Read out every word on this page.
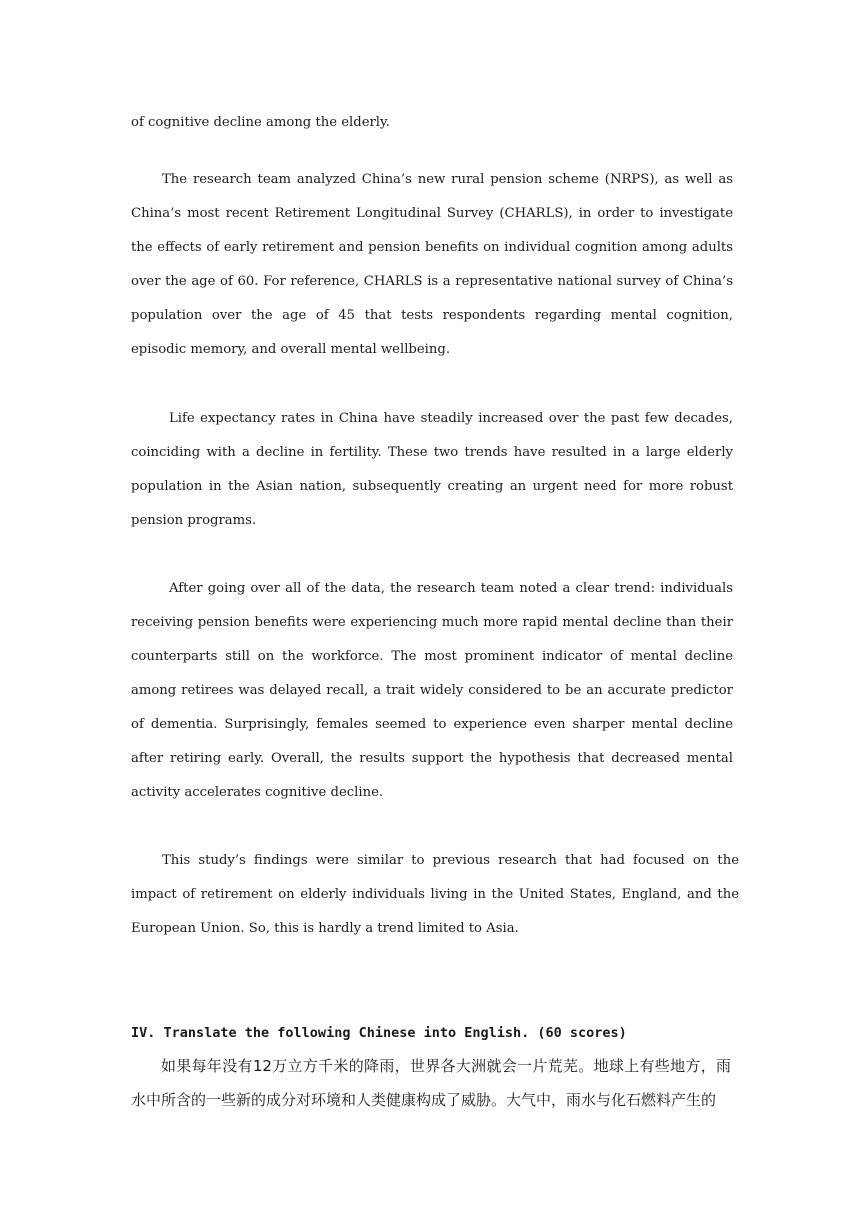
of cognitive decline among the elderly.
The research team analyzed China’s new rural pension scheme (NRPS), as well as China’s most recent Retirement Longitudinal Survey (CHARLS), in order to investigate the effects of early retirement and pension benefits on individual cognition among adults over the age of 60. For reference, CHARLS is a representative national survey of China’s population over the age of 45 that tests respondents regarding mental cognition, episodic memory, and overall mental wellbeing.
Life expectancy rates in China have steadily increased over the past few decades, coinciding with a decline in fertility. These two trends have resulted in a large elderly population in the Asian nation, subsequently creating an urgent need for more robust pension programs.
After going over all of the data, the research team noted a clear trend: individuals receiving pension benefits were experiencing much more rapid mental decline than their counterparts still on the workforce. The most prominent indicator of mental decline among retirees was delayed recall, a trait widely considered to be an accurate predictor of dementia. Surprisingly, females seemed to experience even sharper mental decline after retiring early. Overall, the results support the hypothesis that decreased mental activity accelerates cognitive decline.
This study’s findings were similar to previous research that had focused on the impact of retirement on elderly individuals living in the United States, England, and the European Union. So, this is hardly a trend limited to Asia.
IV. Translate the following Chinese into English. (60 scores)
如果每年没有12万立方千米的降雨，世界各大洲就会一片荒芜。地球上有些地方，雨水中所含的一些新的成分对环境和人类健康构成了威胁。大气中，雨水与化石燃料产生的
